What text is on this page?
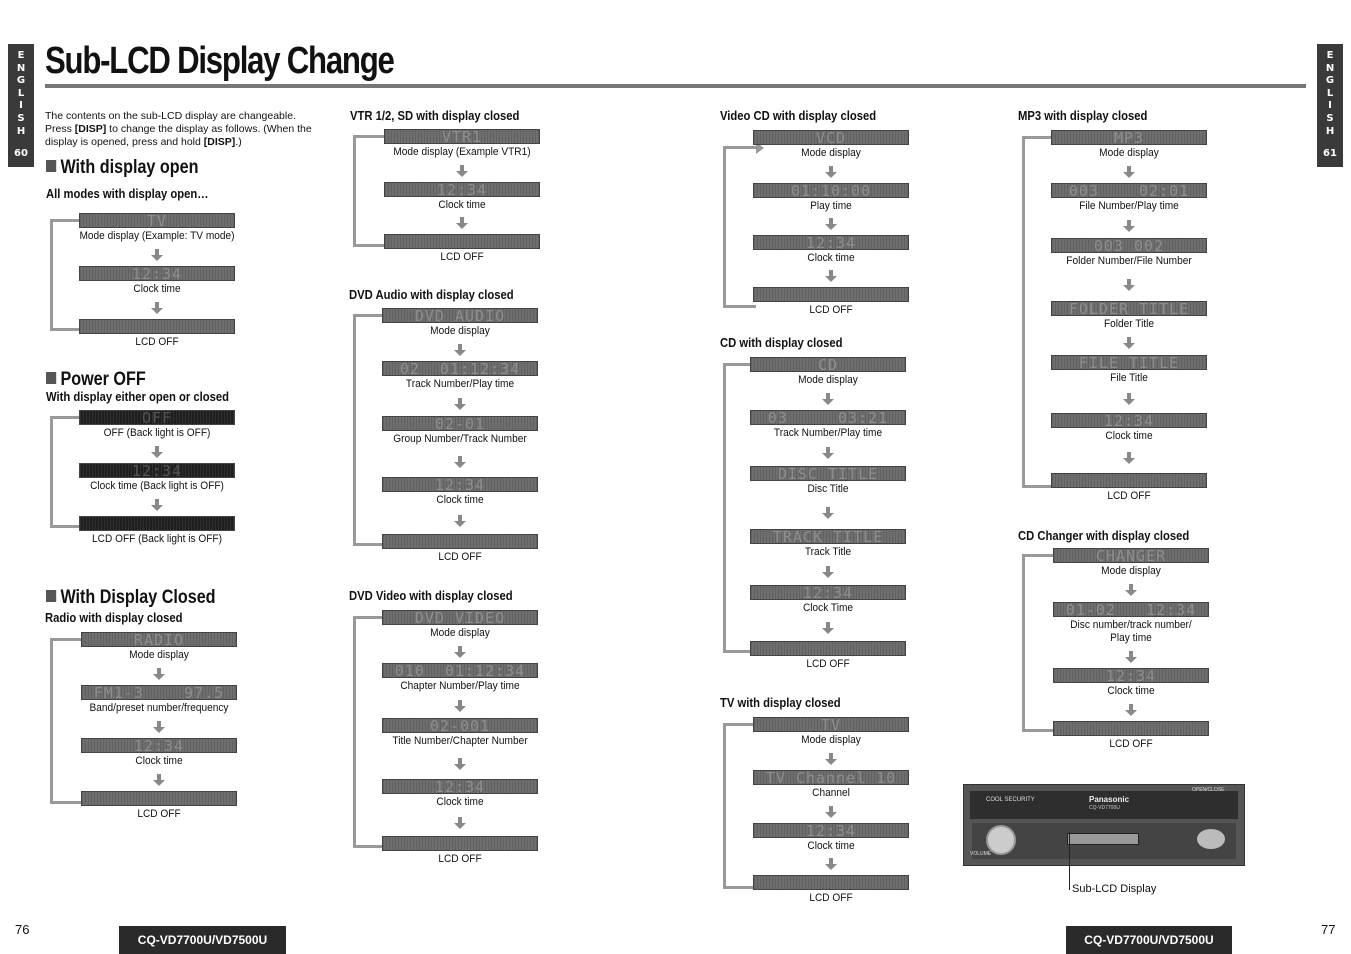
E
N
G
L
I
S
H
60
E
N
G
L
I
S
H
61
Sub-LCD Display Change
The contents on the sub-LCD display are changeable.
Press [DISP] to change the display as follows. (When the
display is opened, press and hold [DISP].)
With display open
All modes with display open…
Power OFF
With display either open or closed
With Display Closed
Radio with display closed
TV
Mode display (Example: TV mode)
12:34
Clock time
LCD OFF
OFF
OFF (Back light is OFF)
12:34
Clock time (Back light is OFF)
LCD OFF (Back light is OFF)
RADIO
Mode display
FM1-3    97.5
Band/preset number/frequency
12:34
Clock time
LCD OFF
VTR 1/2, SD with display closed
VTR1
Mode display (Example VTR1)
12:34
Clock time
LCD OFF
DVD Audio with display closed
DVD AUDIO
Mode display
02  01:12:34
Track Number/Play time
02-01
Group Number/Track Number
12:34
Clock time
LCD OFF
DVD Video with display closed
DVD VIDEO
Mode display
010  01:12:34
Chapter Number/Play time
02-001
Title Number/Chapter Number
12:34
Clock time
LCD OFF
Video CD with display closed
VCD
Mode display
01:10:00
Play time
12:34
Clock time
LCD OFF
CD with display closed
CD
Mode display
03     03:21
Track Number/Play time
DISC TITLE
Disc Title
TRACK TITLE
Track Title
12:34
Clock Time
LCD OFF
TV with display closed
TV
Mode display
TV Channel 10
Channel
12:34
Clock time
LCD OFF
MP3 with display closed
MP3
Mode display
003    02:01
File Number/Play time
003 002
Folder Number/File Number
FOLDER TITLE
Folder Title
FILE TITLE
File Title
12:34
Clock time
LCD OFF
CD Changer with display closed
CHANGER
Mode display
01-02   12:34
Disc number/track number/
Play time
12:34
Clock time
LCD OFF
COOL SECURITY	Panasonic
CQ-VD7700U
OPEN/CLOSE
VOLUME
Sub-LCD Display
76	77
CQ-VD7700U/VD7500U	CQ-VD7700U/VD7500U
